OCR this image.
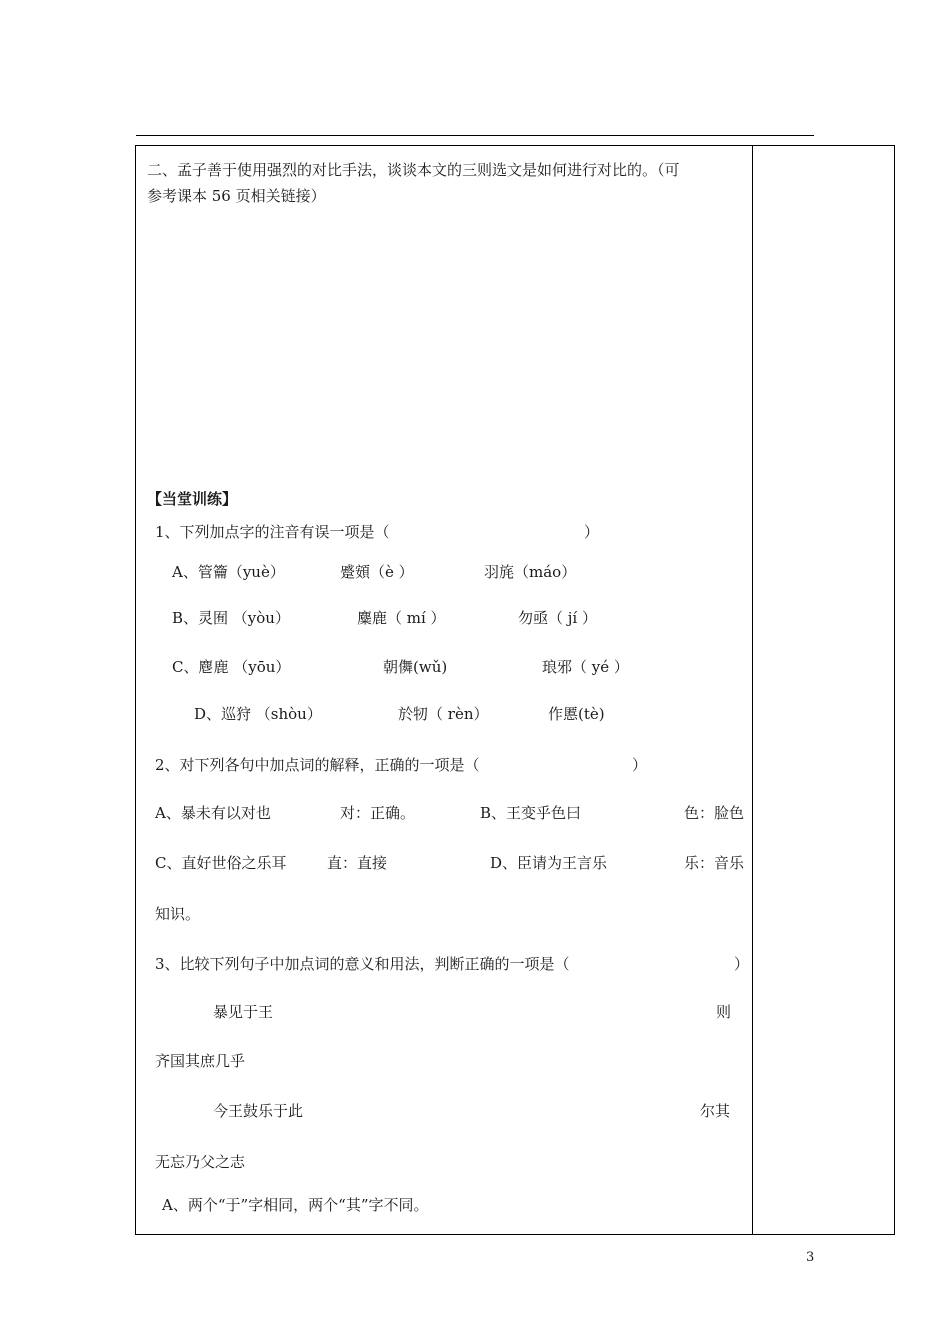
二、孟子善于使用强烈的对比手法，谈谈本文的三则选文是如何进行对比的。（可
参考课本 56 页相关链接）
【当堂训练】
1、下列加点字的注音有误一项是（	）
A、管籥（yuè）	蹙頞（è ）	羽旄（máo）
B、灵囿 （yòu）	麋鹿（ mí ）	勿亟（ jí ）
C、麀鹿 （yōu）	朝儛(wǔ)	琅邪（ yé ）
D、巡狩 （shòu）	於牣（ rèn）	作慝(tè)
2、对下列各句中加点词的解释，正确的一项是（	）
A、暴未有以对也	对：正确。	B、王变乎色曰	色：脸色
C、直好世俗之乐耳	直：直接	D、臣请为王言乐	乐：音乐
知识。
3、比较下列句子中加点词的意义和用法，判断正确的一项是（	）
暴见于王	则
齐国其庶几乎
今王鼓乐于此	尔其
无忘乃父之志
A、两个“于”字相同，两个“其”字不同。
3
